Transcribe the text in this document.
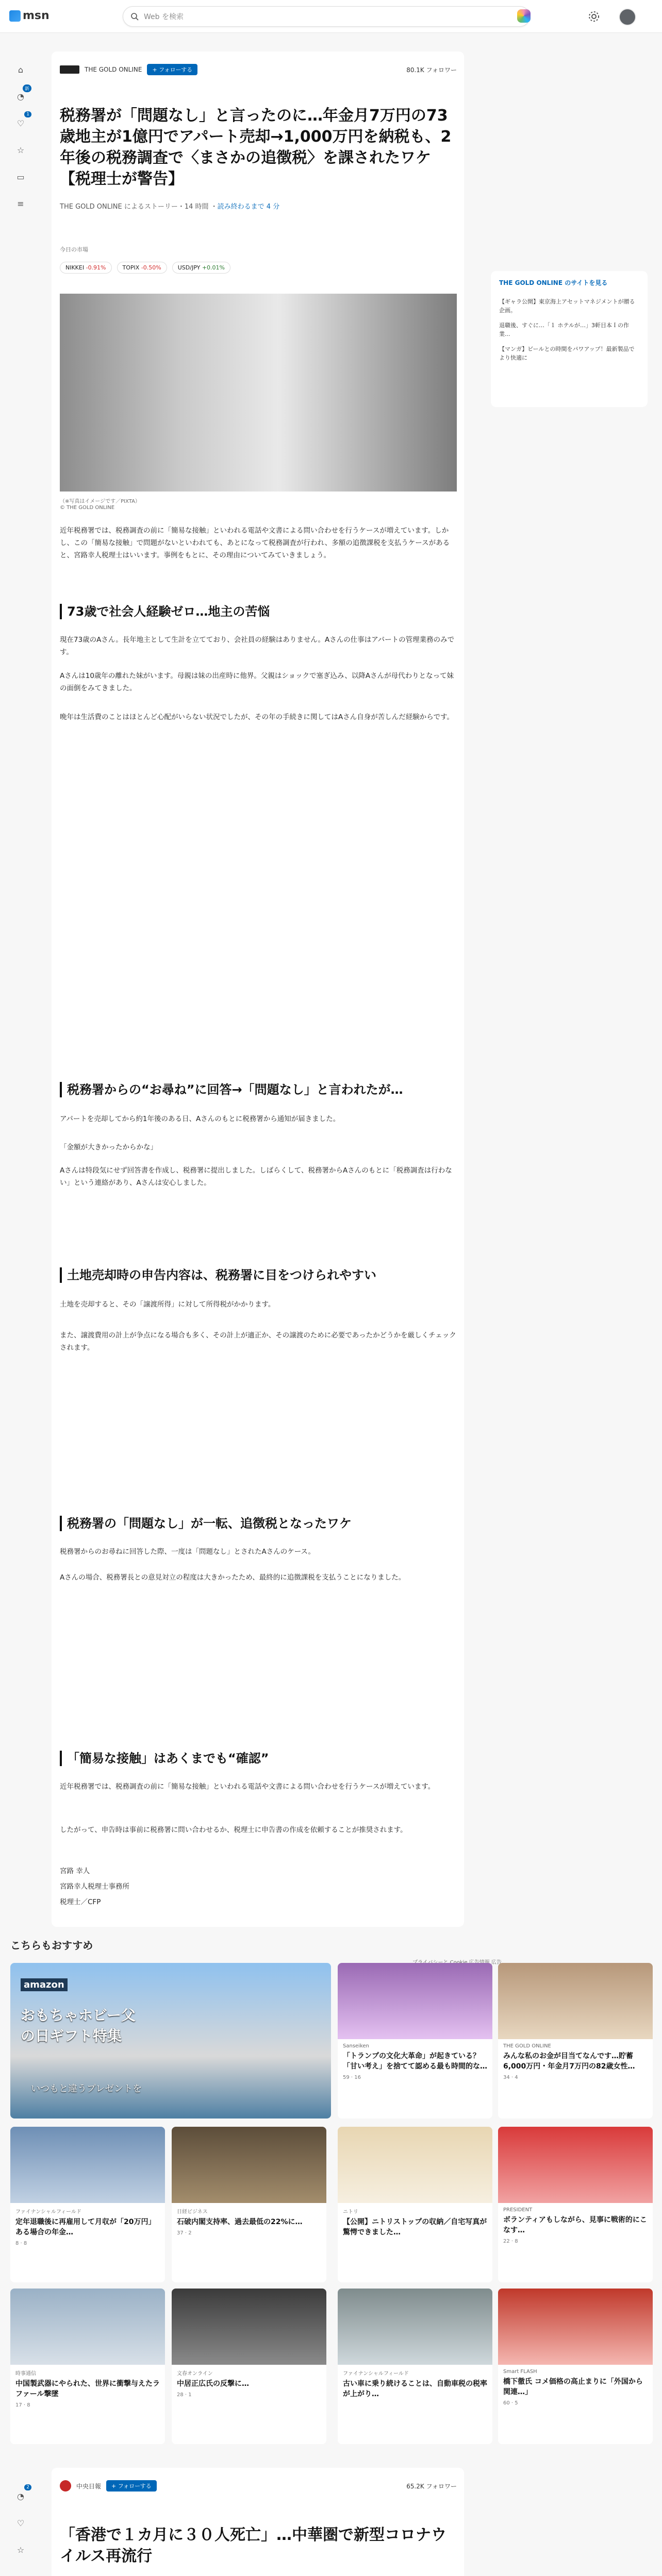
msn	Web を検索
⌂
◔
新
♡
1
☆
▭
≡
THE GOLD ONLINE	+ フォローする	80.1K フォロワー
税務署が「問題なし」と言ったのに…年金月7万円の73歳地主が1億円でアパート売却→1,000万円を納税も、2年後の税務調査で〈まさかの追徴税〉を課されたワケ【税理士が警告】
THE GOLD ONLINE によるストーリー・14 時間 ・読み終わるまで 4 分
今日の市場
NIKKEI -0.91%	TOPIX -0.50%	USD/JPY +0.01%
（※写真はイメージです／PIXTA）
© THE GOLD ONLINE
近年税務署では、税務調査の前に「簡易な接触」といわれる電話や文書による問い合わせを行うケースが増えています。しかし、この「簡易な接触」で問題がないといわれても、あとになって税務調査が行われ、多額の追徴課税を支払うケースがあると、宮路幸人税理士はいいます。事例をもとに、その理由についてみていきましょう。
73歳で社会人経験ゼロ…地主の苦悩
現在73歳のAさん。長年地主として生計を立てており、会社員の経験はありません。Aさんの仕事はアパートの管理業務のみです。
Aさんは10歳年の離れた妹がいます。母親は妹の出産時に他界。父親はショックで塞ぎ込み、以降Aさんが母代わりとなって妹の面倒をみてきました。
晩年は生活費のことはほとんど心配がいらない状況でしたが、その年の手続きに関してはAさん自身が苦しんだ経験からです。
税務署からの“お尋ね”に回答→「問題なし」と言われたが…
アパートを売却してから約1年後のある日、Aさんのもとに税務署から通知が届きました。
「金額が大きかったからかな」
Aさんは特段気にせず回答書を作成し、税務署に提出しました。しばらくして、税務署からAさんのもとに「税務調査は行わない」という連絡があり、Aさんは安心しました。
土地売却時の申告内容は、税務署に目をつけられやすい
土地を売却すると、その「譲渡所得」に対して所得税がかかります。
また、譲渡費用の計上が争点になる場合も多く、その計上が適正か、その譲渡のために必要であったかどうかを厳しくチェックされます。
税務署の「問題なし」が一転、追徴税となったワケ
税務署からのお尋ねに回答した際、一度は「問題なし」とされたAさんのケース。
Aさんの場合、税務署長との意見対立の程度は大きかったため、最終的に追徴課税を支払うことになりました。
「簡易な接触」はあくまでも“確認”
近年税務署では、税務調査の前に「簡易な接触」といわれる電話や文書による問い合わせを行うケースが増えています。
したがって、申告時は事前に税務署に問い合わせるか、税理士に申告書の作成を依頼することが推奨されます。
宮路 幸人
宮路幸人税理士事務所
税理士／CFP
THE GOLD ONLINE のサイトを見る
【ギャラ公開】東京海上アセットマネジメントが贈る企画。
退職後、すぐに…「１ ホテルが…」3軒目本Ｉの作業...
【マンガ】ビールとの時間をパワアップ！最新製品でより快適に
こちらもおすすめ
広告
amazon
おもちゃホビー父の日ギフト特集
いつもと違うプレゼントを
Sanseiken
「トランプの文化大革命」が起きている？「甘い考え」を捨てて認める最も時間的な…
59 · 16
THE GOLD ONLINE
みんな私のお金が目当てなんです…貯蓄6,000万円・年金月7万円の82歳女性…
34 · 4
ファイナンシャルフィールド
定年退職後に再雇用して月収が「20万円」ある場合の年金…
8 · 8
日経ビジネス
石破内閣支持率、過去最低の22%に…
37 · 2
ニトリ
【公開】ニトリストップの収納／自宅写真が驚愕できました…
PRESIDENT
ボランティアもしながら、見事に戦術的にこなす…
22 · 8
時事通信
中国製武器にやられた、世界に衝撃与えたラファール撃墜
17 · 8
文春オンライン
中居正広氏の反撃に…
28 · 1
ファイナンシャルフィールド
古い車に乗り続けることは、自動車税の税率が上がり…
Smart FLASH
橋下徹氏 コメ価格の高止まりに「外国から関連…」
60 · 5
◔
2
♡
☆
中央日報	+ フォローする	65.2K フォロワー
「香港で１カ月に３０人死亡」…中華圏で新型コロナウイルス再流行
